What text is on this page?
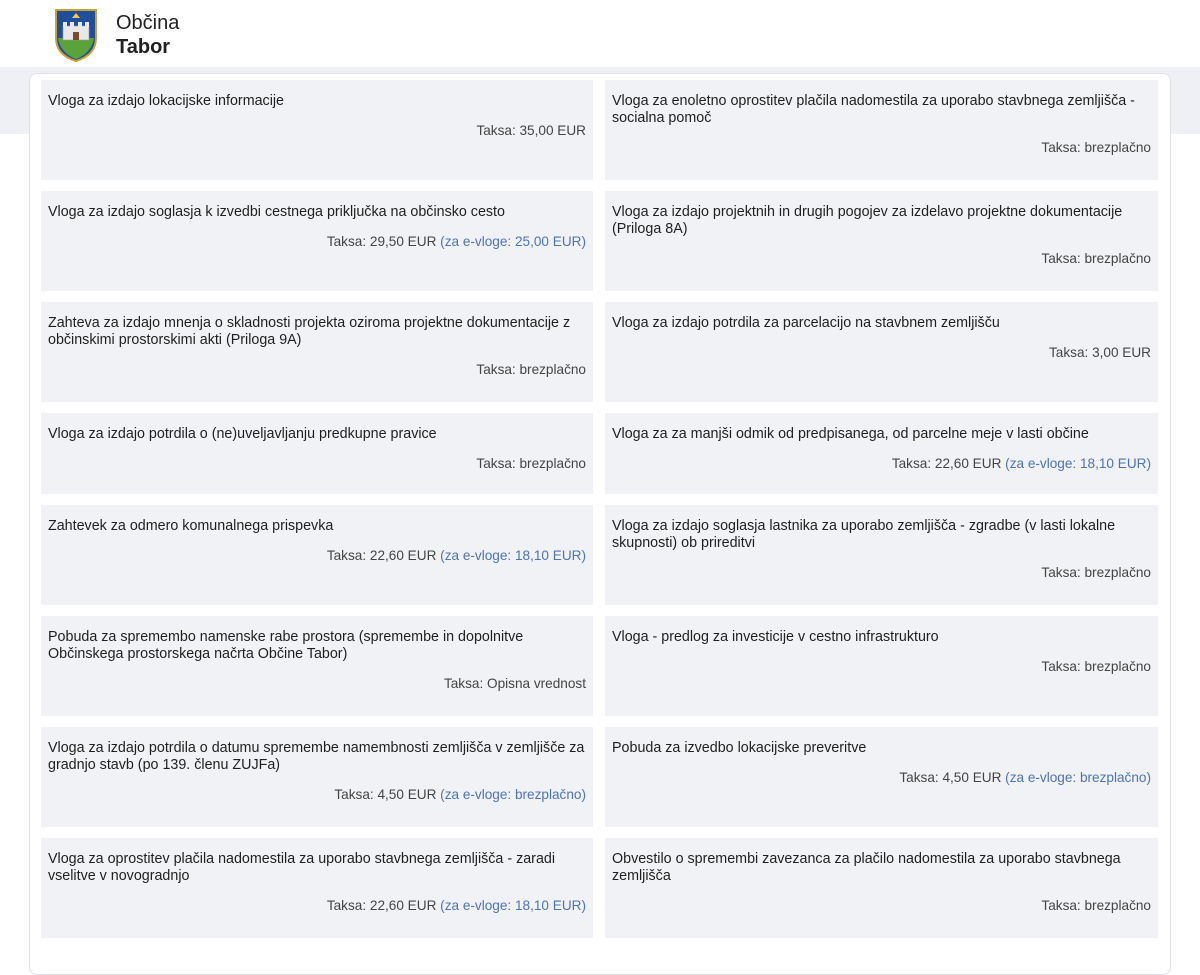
Občina
Tabor
Vloga za izdajo lokacijske informacije
Taksa: 35,00 EUR
Vloga za enoletno oprostitev plačila nadomestila za uporabo stavbnega zemljišča - socialna pomoč
Taksa: brezplačno
Vloga za izdajo soglasja k izvedbi cestnega priključka na občinsko cesto
Taksa: 29,50 EUR (za e-vloge: 25,00 EUR)
Vloga za izdajo projektnih in drugih pogojev za izdelavo projektne dokumentacije (Priloga 8A)
Taksa: brezplačno
Zahteva za izdajo mnenja o skladnosti projekta oziroma projektne dokumentacije z občinskimi prostorskimi akti (Priloga 9A)
Taksa: brezplačno
Vloga za izdajo potrdila za parcelacijo na stavbnem zemljišču
Taksa: 3,00 EUR
Vloga za izdajo potrdila o (ne)uveljavljanju predkupne pravice
Taksa: brezplačno
Vloga za za manjši odmik od predpisanega, od parcelne meje v lasti občine
Taksa: 22,60 EUR (za e-vloge: 18,10 EUR)
Zahtevek za odmero komunalnega prispevka
Taksa: 22,60 EUR (za e-vloge: 18,10 EUR)
Vloga za izdajo soglasja lastnika za uporabo zemljišča - zgradbe (v lasti lokalne skupnosti) ob prireditvi
Taksa: brezplačno
Pobuda za spremembo namenske rabe prostora (spremembe in dopolnitve Občinskega prostorskega načrta Občine Tabor)
Taksa: Opisna vrednost
Vloga - predlog za investicije v cestno infrastrukturo
Taksa: brezplačno
Vloga za izdajo potrdila o datumu spremembe namembnosti zemljišča v zemljišče za gradnjo stavb (po 139. členu ZUJFa)
Taksa: 4,50 EUR (za e-vloge: brezplačno)
Pobuda za izvedbo lokacijske preveritve
Taksa: 4,50 EUR (za e-vloge: brezplačno)
Vloga za oprostitev plačila nadomestila za uporabo stavbnega zemljišča - zaradi vselitve v novogradnjo
Taksa: 22,60 EUR (za e-vloge: 18,10 EUR)
Obvestilo o spremembi zavezanca za plačilo nadomestila za uporabo stavbnega zemljišča
Taksa: brezplačno
